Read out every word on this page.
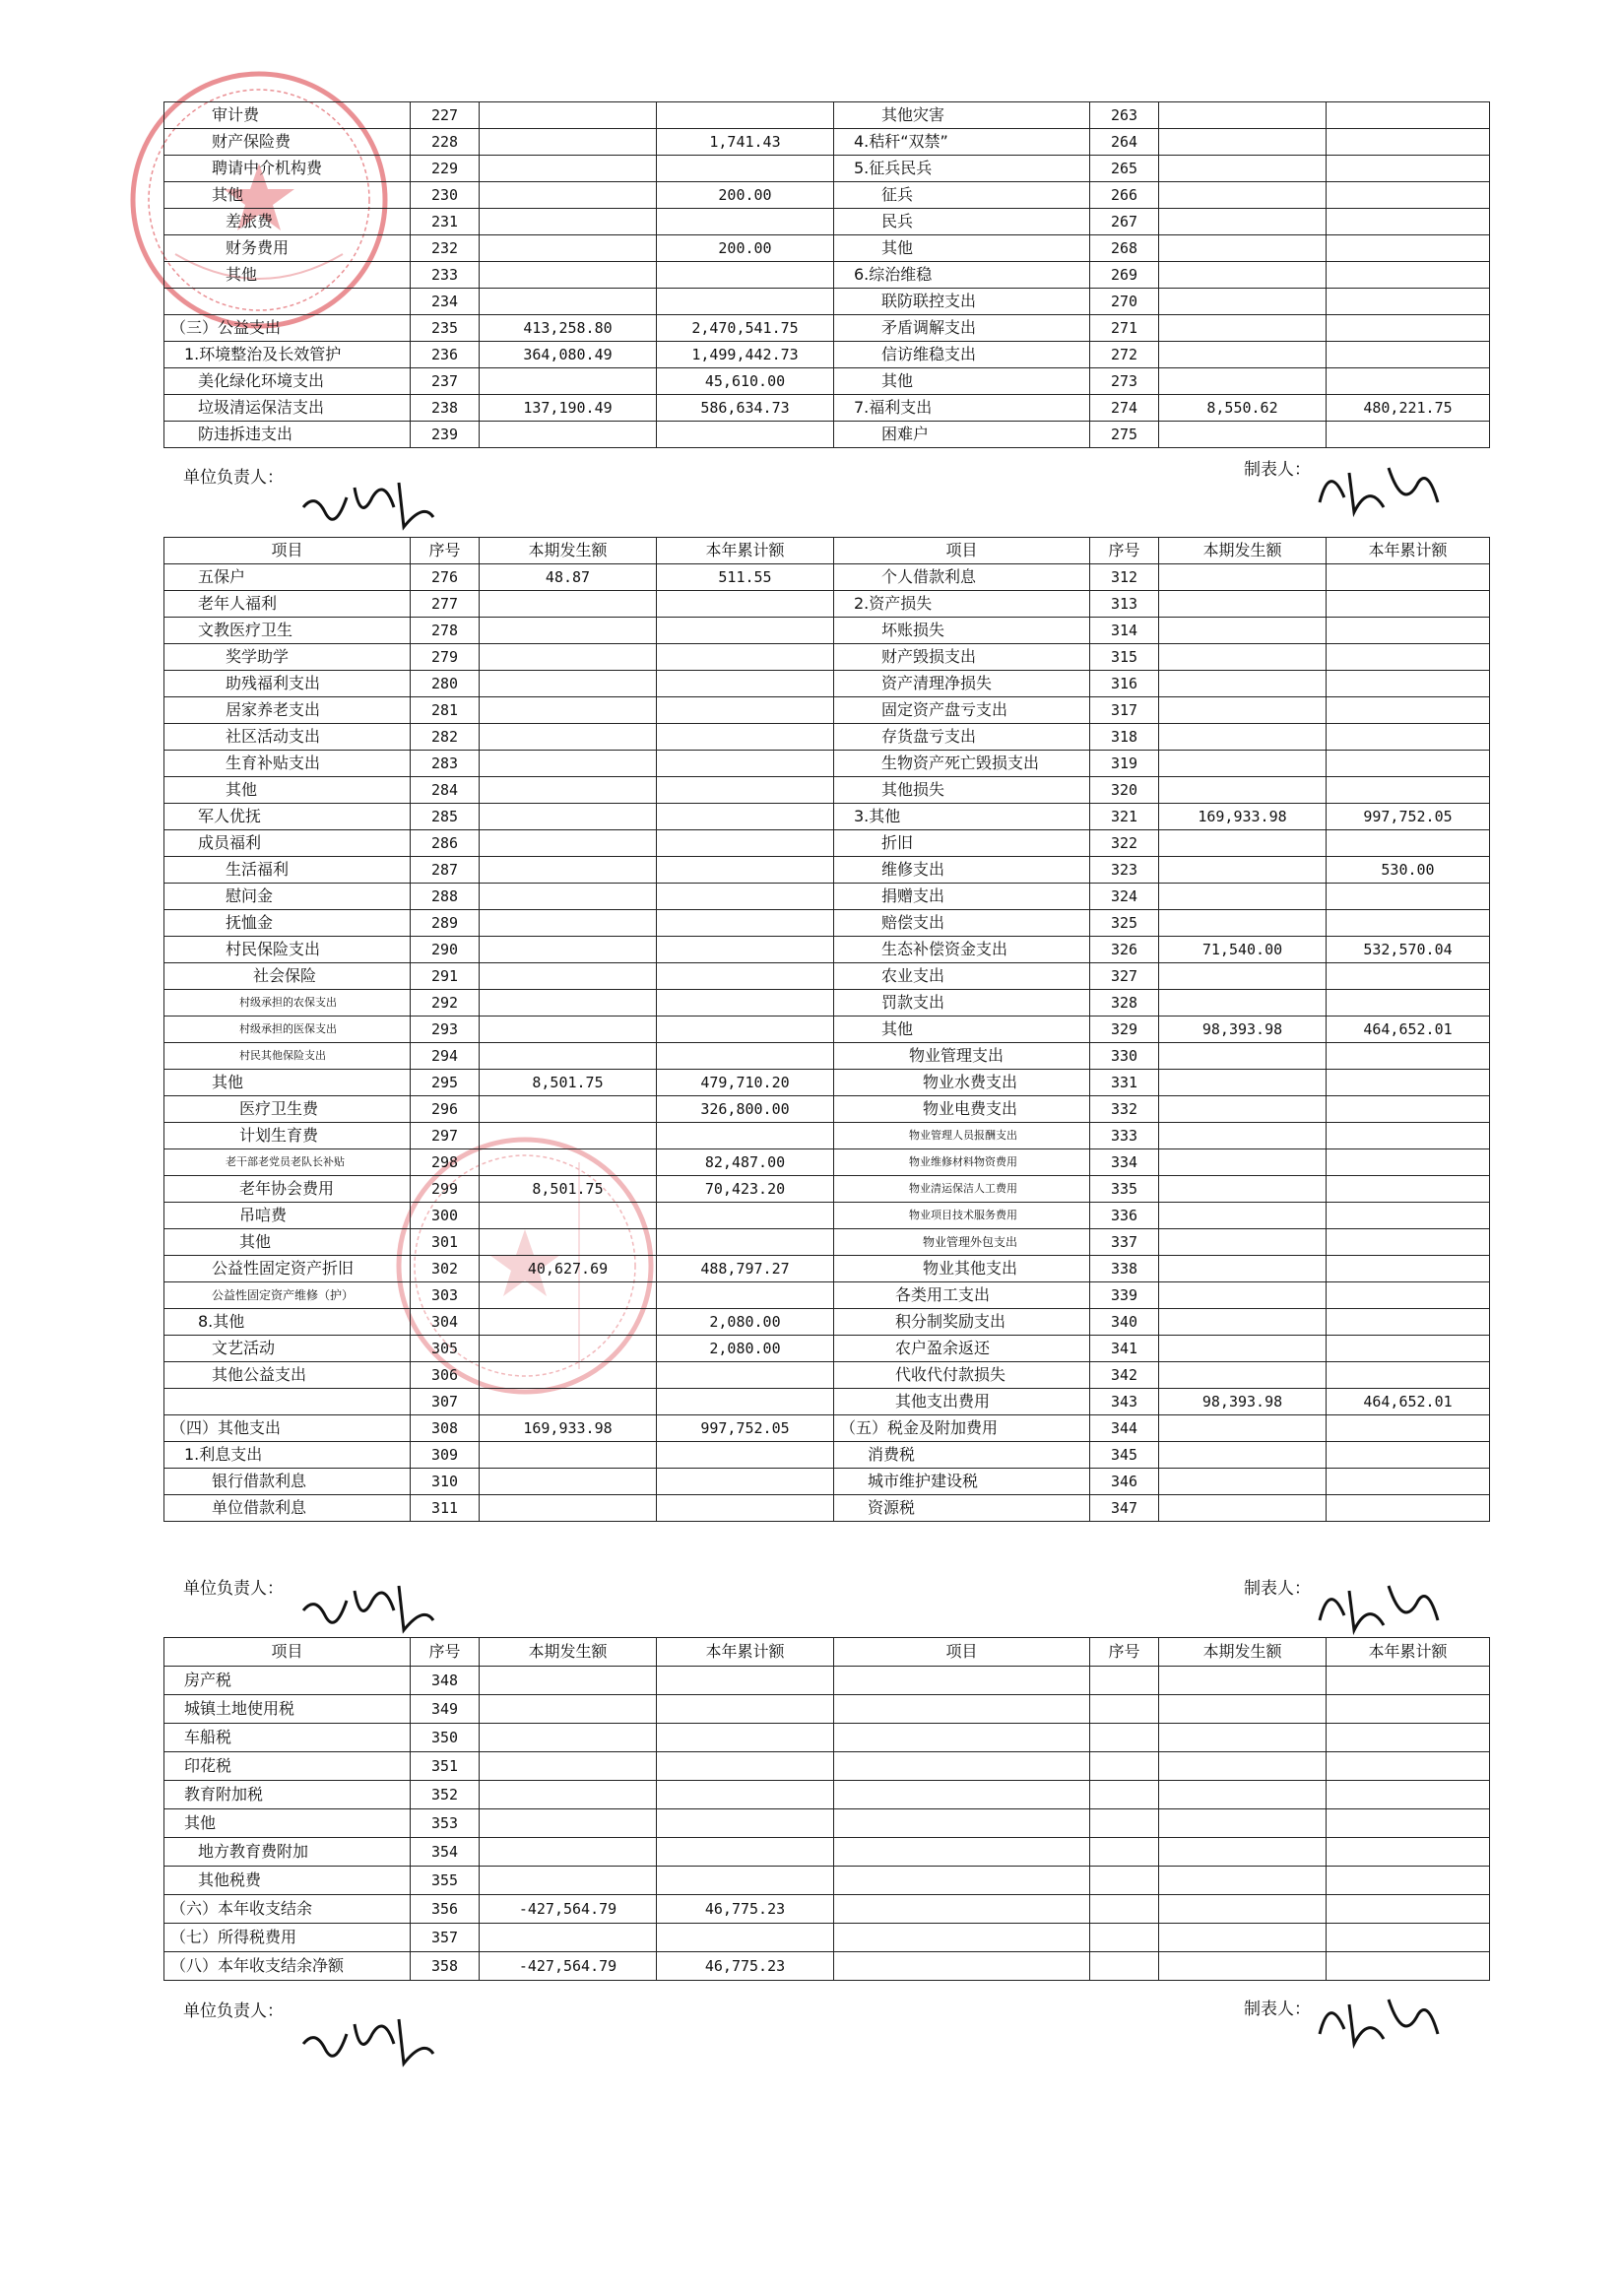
审计费	227			其他灾害	263		
财产保险费	228		1,741.43	4.秸秆“双禁”	264		
聘请中介机构费	229			5.征兵民兵	265		
其他	230		200.00	征兵	266		
差旅费	231			民兵	267		
财务费用	232		200.00	其他	268		
其他	233			6.综治维稳	269		
	234			联防联控支出	270		
（三）公益支出	235	413,258.80	2,470,541.75	矛盾调解支出	271		
1.环境整治及长效管护	236	364,080.49	1,499,442.73	信访维稳支出	272		
美化绿化环境支出	237		45,610.00	其他	273		
垃圾清运保洁支出	238	137,190.49	586,634.73	7.福利支出	274	8,550.62	480,221.75
防违拆违支出	239			困难户	275		
单位负责人：	制表人：
项目	序号	本期发生额	本年累计额	项目	序号	本期发生额	本年累计额
五保户	276	48.87	511.55	个人借款利息	312		
老年人福利	277			2.资产损失	313		
文教医疗卫生	278			坏账损失	314		
奖学助学	279			财产毁损支出	315		
助残福利支出	280			资产清理净损失	316		
居家养老支出	281			固定资产盘亏支出	317		
社区活动支出	282			存货盘亏支出	318		
生育补贴支出	283			生物资产死亡毁损支出	319		
其他	284			其他损失	320		
军人优抚	285			3.其他	321	169,933.98	997,752.05
成员福利	286			折旧	322		
生活福利	287			维修支出	323		530.00
慰问金	288			捐赠支出	324		
抚恤金	289			赔偿支出	325		
村民保险支出	290			生态补偿资金支出	326	71,540.00	532,570.04
社会保险	291			农业支出	327		
村级承担的农保支出	292			罚款支出	328		
村级承担的医保支出	293			其他	329	98,393.98	464,652.01
村民其他保险支出	294			物业管理支出	330		
其他	295	8,501.75	479,710.20	物业水费支出	331		
医疗卫生费	296		326,800.00	物业电费支出	332		
计划生育费	297			物业管理人员报酬支出	333		
老干部老党员老队长补贴	298		82,487.00	物业维修材料物资费用	334		
老年协会费用	299	8,501.75	70,423.20	物业清运保洁人工费用	335		
吊唁费	300			物业项目技术服务费用	336		
其他	301			物业管理外包支出	337		
公益性固定资产折旧	302	40,627.69	488,797.27	物业其他支出	338		
公益性固定资产维修（护）	303			各类用工支出	339		
8.其他	304		2,080.00	积分制奖励支出	340		
文艺活动	305		2,080.00	农户盈余返还	341		
其他公益支出	306			代收代付款损失	342		
	307			其他支出费用	343	98,393.98	464,652.01
（四）其他支出	308	169,933.98	997,752.05	（五）税金及附加费用	344		
1.利息支出	309			消费税	345		
银行借款利息	310			城市维护建设税	346		
单位借款利息	311			资源税	347		
单位负责人：	制表人：
项目	序号	本期发生额	本年累计额	项目	序号	本期发生额	本年累计额
房产税	348						
城镇土地使用税	349						
车船税	350						
印花税	351						
教育附加税	352						
其他	353						
地方教育费附加	354						
其他税费	355						
（六）本年收支结余	356	-427,564.79	46,775.23				
（七）所得税费用	357						
（八）本年收支结余净额	358	-427,564.79	46,775.23				
单位负责人：	制表人：
